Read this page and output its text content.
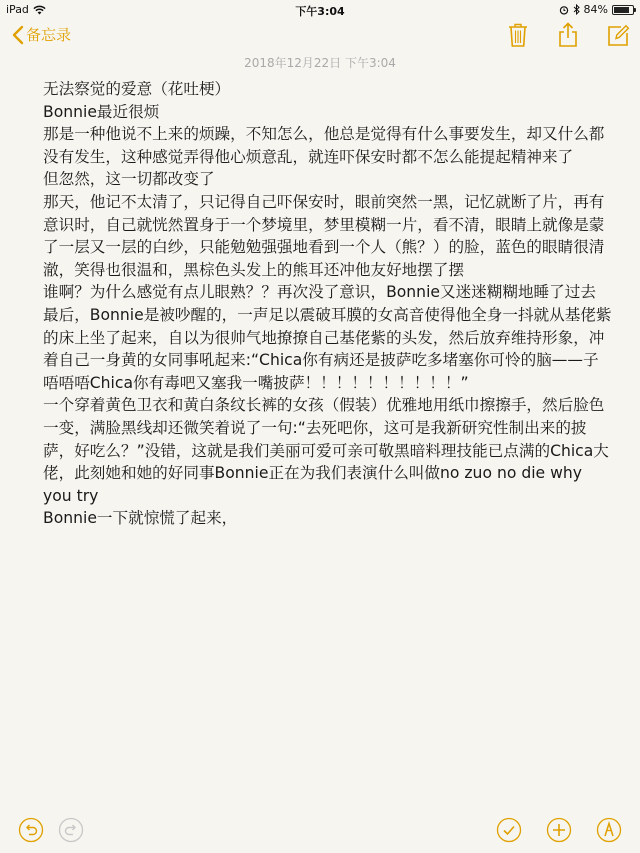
iPad	下午3:04	84%
备忘录
2018年12月22日 下午3:04

无法察觉的爱意（花吐梗）

Bonnie最近很烦

那是一种他说不上来的烦躁，不知怎么，他总是觉得有什么事要发生，却又什么都没有发生，这种感觉弄得他心烦意乱，就连吓保安时都不怎么能提起精神来了

但忽然，这一切都改变了

那天，他记不太清了，只记得自己吓保安时，眼前突然一黑，记忆就断了片，再有意识时，自己就恍然置身于一个梦境里，梦里模糊一片，看不清，眼睛上就像是蒙了一层又一层的白纱，只能勉勉强强地看到一个人（熊？）的脸，蓝色的眼睛很清澈，笑得也很温和，黑棕色头发上的熊耳还冲他友好地摆了摆

谁啊？为什么感觉有点儿眼熟？？再次没了意识，Bonnie又迷迷糊糊地睡了过去

最后，Bonnie是被吵醒的，一声足以震破耳膜的女高音使得他全身一抖就从基佬紫的床上坐了起来，自以为很帅气地撩撩自己基佬紫的头发，然后放弃维持形象，冲着自己一身黄的女同事吼起来:“Chica你有病还是披萨吃多堵塞你可怜的脑——子唔唔唔Chica你有毒吧又塞我一嘴披萨！！！！！！！！！！”

一个穿着黄色卫衣和黄白条纹长裤的女孩（假装）优雅地用纸巾擦擦手，然后脸色一变，满脸黑线却还微笑着说了一句:“去死吧你，这可是我新研究性制出来的披萨，好吃么？”没错，这就是我们美丽可爱可亲可敬黑暗料理技能已点满的Chica大佬，此刻她和她的好同事Bonnie正在为我们表演什么叫做no zuo no die why you try

Bonnie一下就惊慌了起来，
